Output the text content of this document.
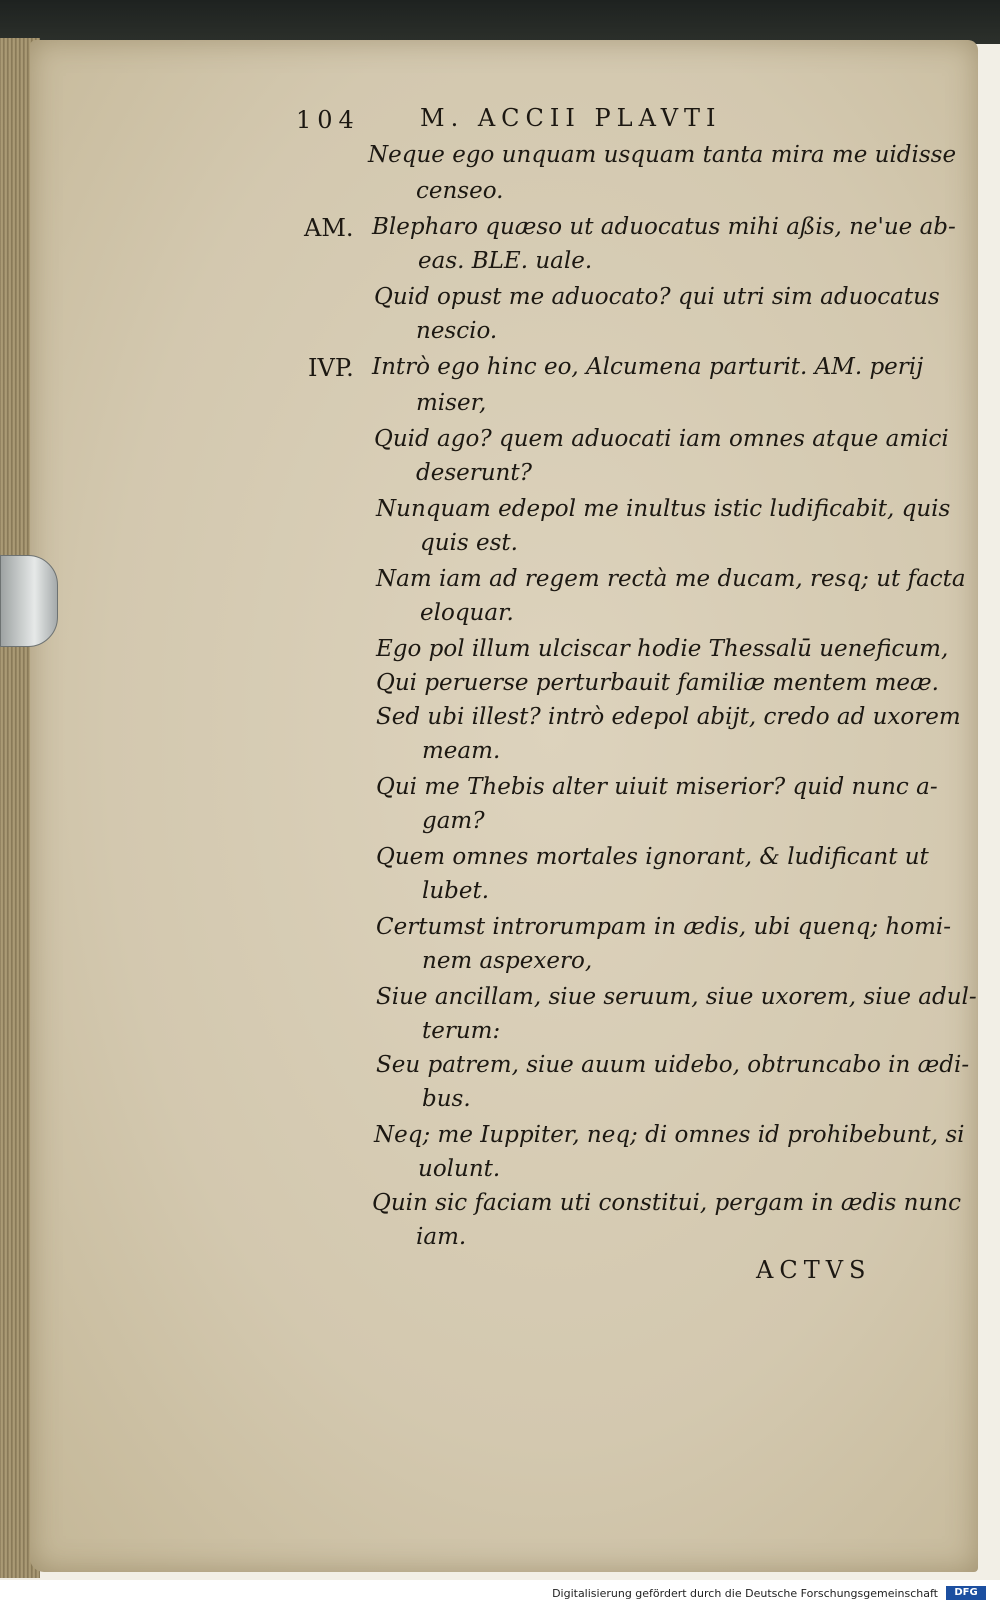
104	M. ACCII PLAVTI
Neque ego unquam usquam tanta mira me uidisse
censeo.
AM. Blepharo quæso ut aduocatus mihi aßis, ne'ue ab-
eas. BLE. uale.
Quid opust me aduocato? qui utri sim aduocatus
nescio.
IVP. Intrò ego hinc eo, Alcumena parturit. AM. perij
miser,
Quid ago? quem aduocati iam omnes atque amici
deserunt?
Nunquam edepol me inultus istic ludificabit, quis
quis est.
Nam iam ad regem rectà me ducam, resq; ut facta
eloquar.
Ego pol illum ulciscar hodie Thessalū ueneficum,
Qui peruerse perturbauit familiæ mentem meæ.
Sed ubi illest? intrò edepol abijt, credo ad uxorem
meam.
Qui me Thebis alter uiuit miserior? quid nunc a-
gam?
Quem omnes mortales ignorant, & ludificant ut
lubet.
Certumst introrumpam in ædis, ubi quenq; homi-
nem aspexero,
Siue ancillam, siue seruum, siue uxorem, siue adul-
terum:
Seu patrem, siue auum uidebo, obtruncabo in ædi-
bus.
Neq; me Iuppiter, neq; di omnes id prohibebunt, si
uolunt.
Quin sic faciam uti constitui, pergam in ædis nunc
iam.
ACTVS
Digitalisierung gefördert durch die Deutsche Forschungsgemeinschaft	DFG
